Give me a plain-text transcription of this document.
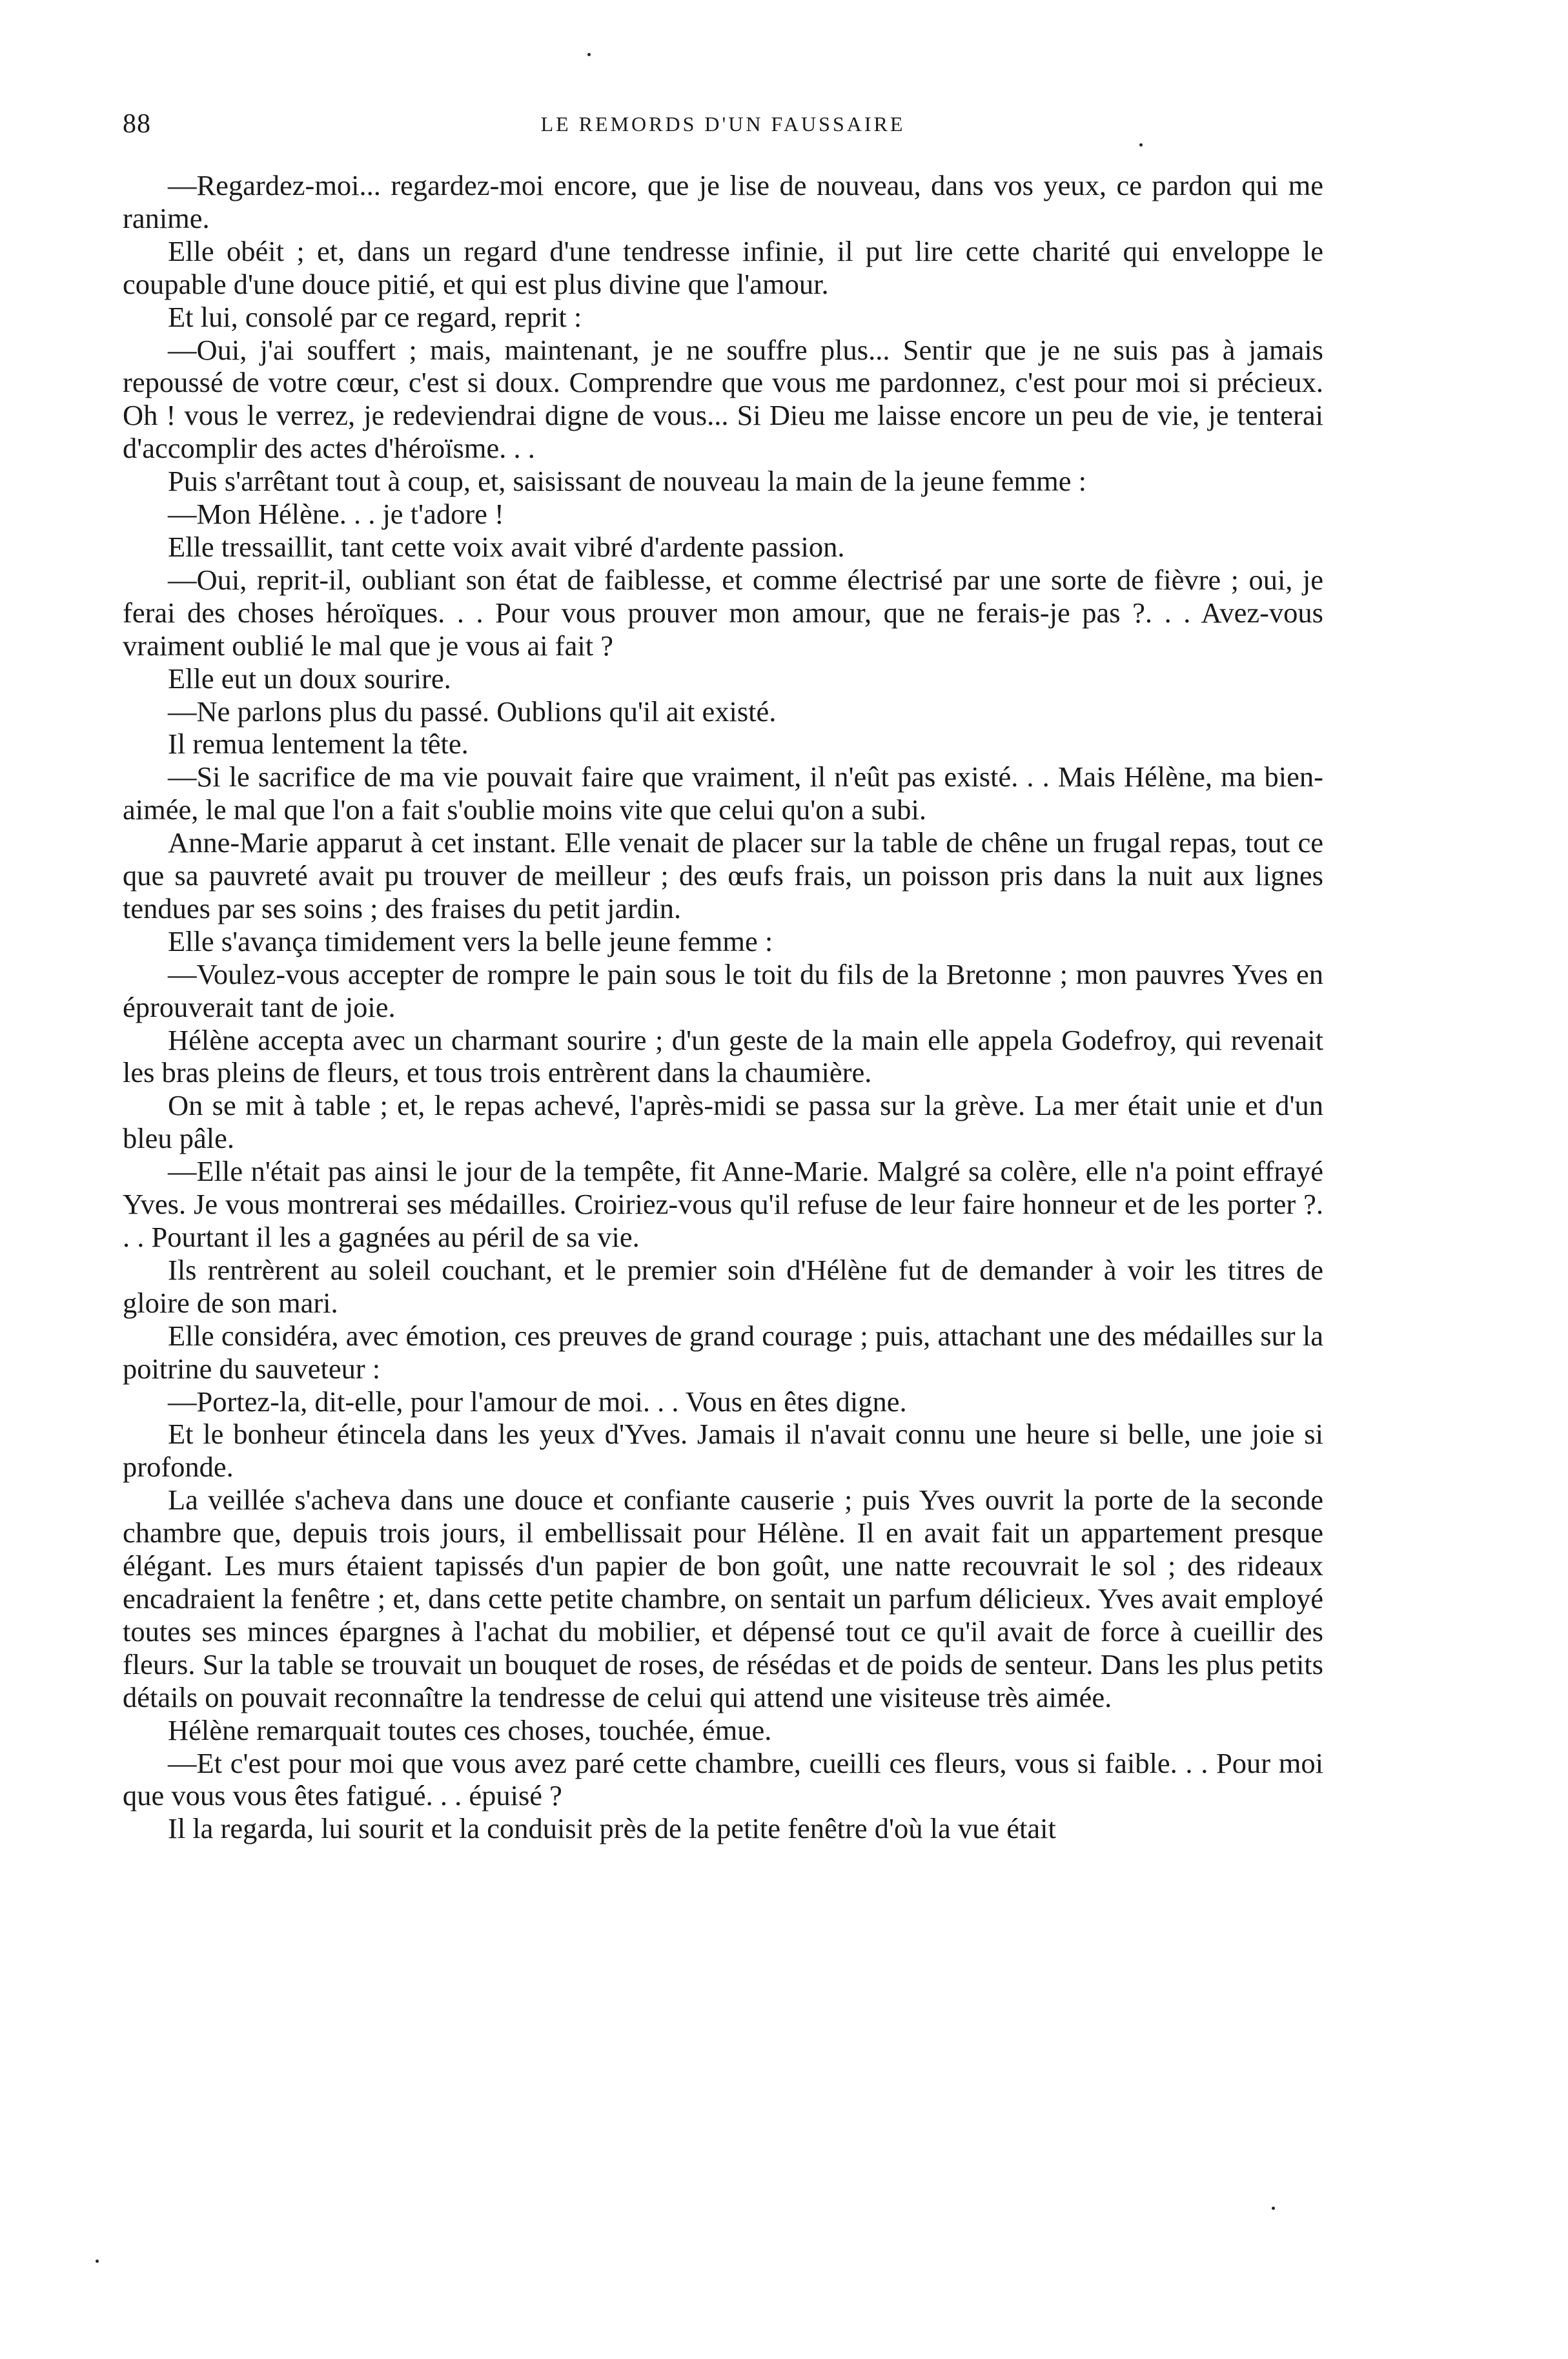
88	LE REMORDS D'UN FAUSSAIRE

—Regardez-moi... regardez-moi encore, que je lise de nouveau, dans vos yeux, ce pardon qui me ranime.

Elle obéit ; et, dans un regard d'une tendresse infinie, il put lire cette charité qui enveloppe le coupable d'une douce pitié, et qui est plus divine que l'amour.

Et lui, consolé par ce regard, reprit :

—Oui, j'ai souffert ; mais, maintenant, je ne souffre plus... Sentir que je ne suis pas à jamais repoussé de votre cœur, c'est si doux. Comprendre que vous me pardonnez, c'est pour moi si précieux. Oh ! vous le verrez, je redeviendrai digne de vous... Si Dieu me laisse encore un peu de vie, je tenterai d'accomplir des actes d'héroïsme. . .

Puis s'arrêtant tout à coup, et, saisissant de nouveau la main de la jeune femme :

—Mon Hélène. . . je t'adore !

Elle tressaillit, tant cette voix avait vibré d'ardente passion.

—Oui, reprit-il, oubliant son état de faiblesse, et comme électrisé par une sorte de fièvre ; oui, je ferai des choses héroïques. . . Pour vous prouver mon amour, que ne ferais-je pas ?. . . Avez-vous vraiment oublié le mal que je vous ai fait ?

Elle eut un doux sourire.

—Ne parlons plus du passé. Oublions qu'il ait existé.

Il remua lentement la tête.

—Si le sacrifice de ma vie pouvait faire que vraiment, il n'eût pas existé. . . Mais Hélène, ma bien-aimée, le mal que l'on a fait s'oublie moins vite que celui qu'on a subi.

Anne-Marie apparut à cet instant. Elle venait de placer sur la table de chêne un frugal repas, tout ce que sa pauvreté avait pu trouver de meilleur ; des œufs frais, un poisson pris dans la nuit aux lignes tendues par ses soins ; des fraises du petit jardin.

Elle s'avança timidement vers la belle jeune femme :

—Voulez-vous accepter de rompre le pain sous le toit du fils de la Bretonne ; mon pauvres Yves en éprouverait tant de joie.

Hélène accepta avec un charmant sourire ; d'un geste de la main elle appela Godefroy, qui revenait les bras pleins de fleurs, et tous trois entrèrent dans la chaumière.

On se mit à table ; et, le repas achevé, l'après-midi se passa sur la grève. La mer était unie et d'un bleu pâle.

—Elle n'était pas ainsi le jour de la tempête, fit Anne-Marie. Malgré sa colère, elle n'a point effrayé Yves. Je vous montrerai ses médailles. Croiriez-vous qu'il refuse de leur faire honneur et de les porter ?. . . Pourtant il les a gagnées au péril de sa vie.

Ils rentrèrent au soleil couchant, et le premier soin d'Hélène fut de demander à voir les titres de gloire de son mari.

Elle considéra, avec émotion, ces preuves de grand courage ; puis, attachant une des médailles sur la poitrine du sauveteur :

—Portez-la, dit-elle, pour l'amour de moi. . . Vous en êtes digne.

Et le bonheur étincela dans les yeux d'Yves. Jamais il n'avait connu une heure si belle, une joie si profonde.

La veillée s'acheva dans une douce et confiante causerie ; puis Yves ouvrit la porte de la seconde chambre que, depuis trois jours, il embellissait pour Hélène. Il en avait fait un appartement presque élégant. Les murs étaient tapissés d'un papier de bon goût, une natte recouvrait le sol ; des rideaux encadraient la fenêtre ; et, dans cette petite chambre, on sentait un parfum délicieux. Yves avait employé toutes ses minces épargnes à l'achat du mobilier, et dépensé tout ce qu'il avait de force à cueillir des fleurs. Sur la table se trouvait un bouquet de roses, de résédas et de poids de senteur. Dans les plus petits détails on pouvait reconnaître la tendresse de celui qui attend une visiteuse très aimée.

Hélène remarquait toutes ces choses, touchée, émue.

—Et c'est pour moi que vous avez paré cette chambre, cueilli ces fleurs, vous si faible. . . Pour moi que vous vous êtes fatigué. . . épuisé ?

Il la regarda, lui sourit et la conduisit près de la petite fenêtre d'où la vue était
